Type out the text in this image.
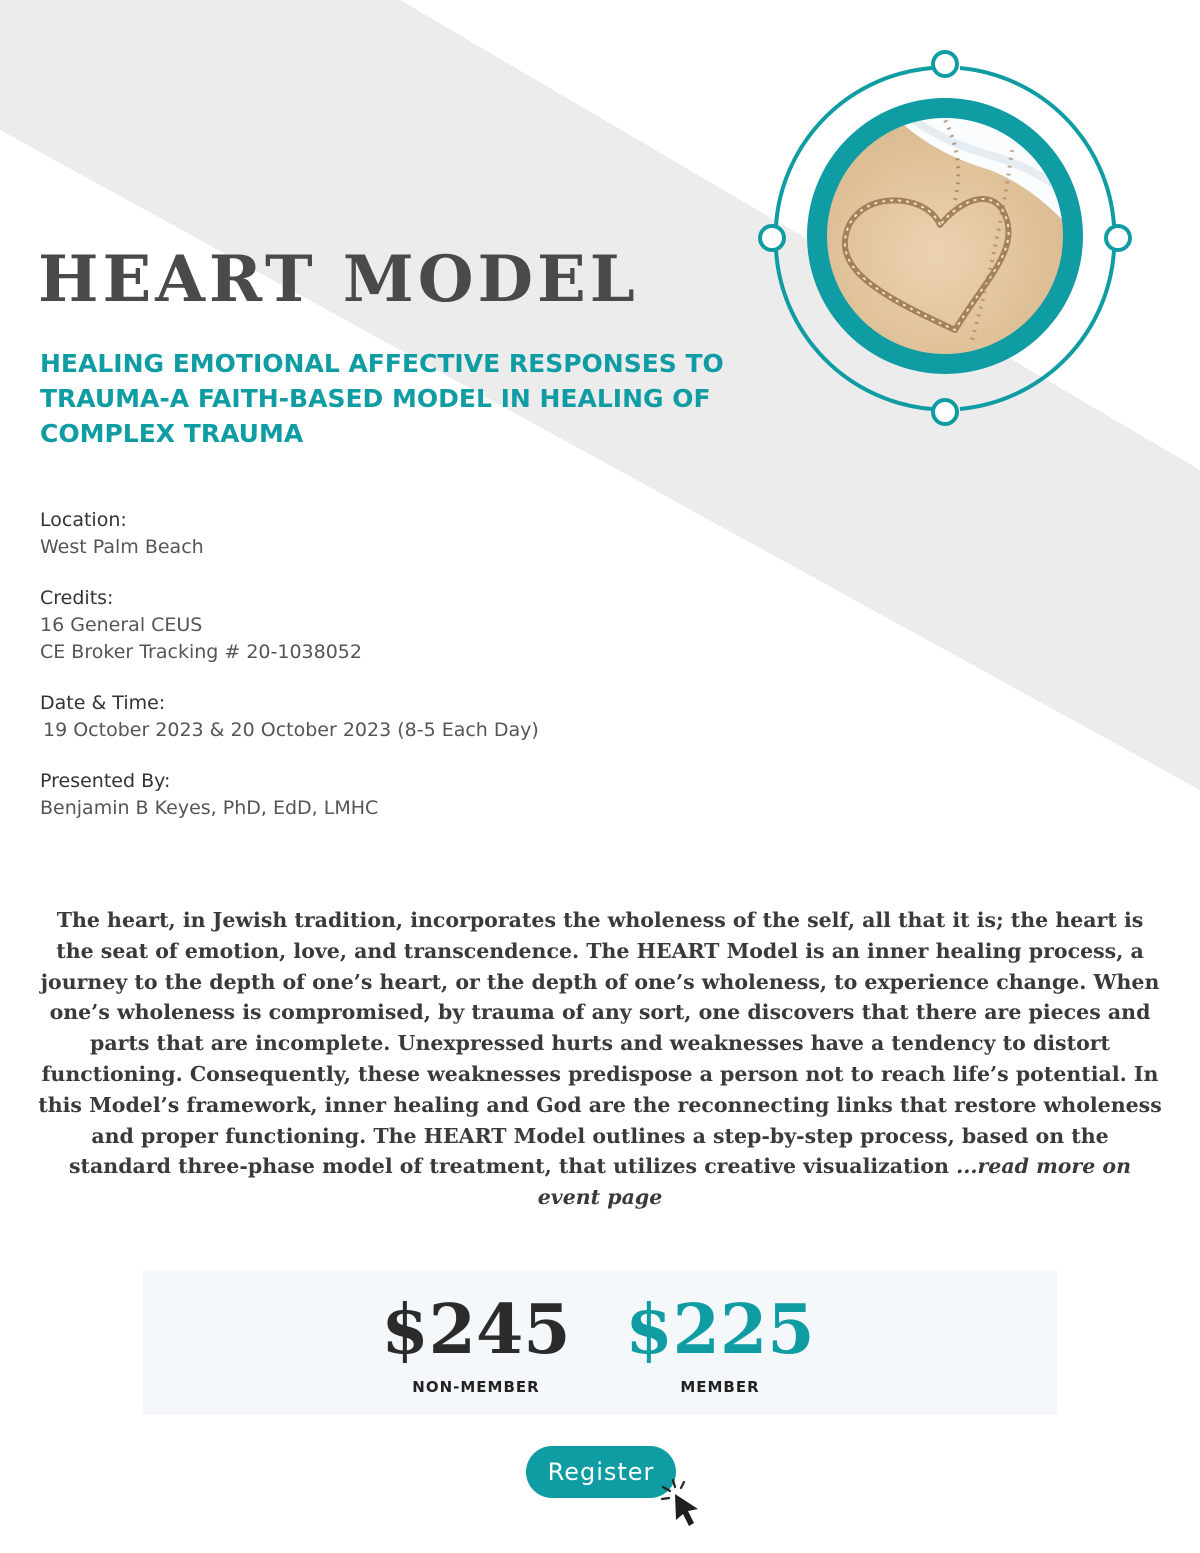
HEART MODEL
HEALING EMOTIONAL AFFECTIVE RESPONSES TO TRAUMA-A FAITH-BASED MODEL IN HEALING OF COMPLEX TRAUMA
Location:
West Palm Beach
Credits:
16 General CEUS
CE Broker Tracking # 20-1038052
Date & Time:
19 October 2023 & 20 October 2023 (8-5 Each Day)
Presented By:
Benjamin B Keyes, PhD, EdD, LMHC

The heart, in Jewish tradition, incorporates the wholeness of the self, all that it is; the heart is the seat of emotion, love, and transcendence. The HEART Model is an inner healing process, a journey to the depth of one’s heart, or the depth of one’s wholeness, to experience change. When one’s wholeness is compromised, by trauma of any sort, one discovers that there are pieces and parts that are incomplete. Unexpressed hurts and weaknesses have a tendency to distort functioning. Consequently, these weaknesses predispose a person not to reach life’s potential. In this Model’s framework, inner healing and God are the reconnecting links that restore wholeness and proper functioning. The HEART Model outlines a step-by-step process, based on the standard three-phase model of treatment, that utilizes creative visualization ...read more on event page

$245
NON-MEMBER
$225
MEMBER
Register
